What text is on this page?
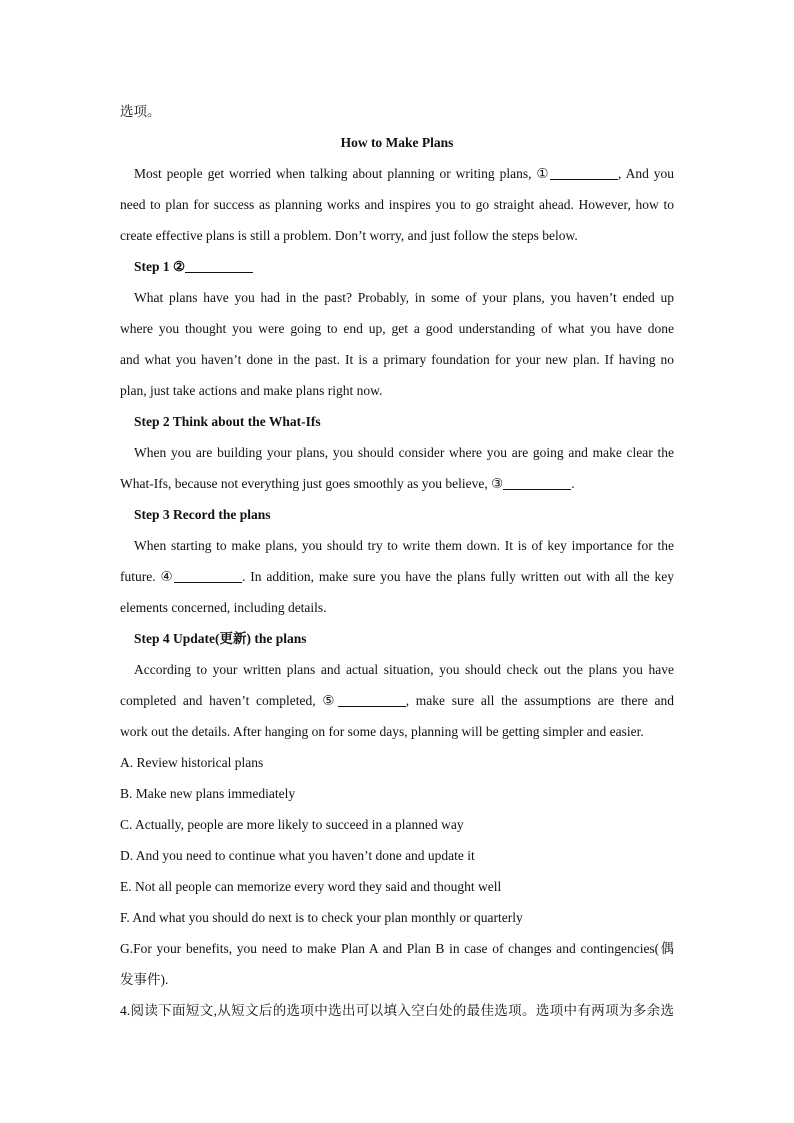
选项。

How to Make Plans

Most people get worried when talking about planning or writing plans, ①	, And you

need to plan for success as planning works and inspires you to go straight ahead. However, how to

create effective plans is still a problem. Don’t worry, and just follow the steps below.

Step 1 ②

What plans have you had in the past? Probably, in some of your plans, you haven’t ended up

where you thought you were going to end up, get a good understanding of what you have done

and what you haven’t done in the past. It is a primary foundation for your new plan. If having no

plan, just take actions and make plans right now.

Step 2 Think about the What-Ifs

When you are building your plans, you should consider where you are going and make clear the

What-Ifs, because not everything just goes smoothly as you believe, ③	.

Step 3 Record the plans

When starting to make plans, you should try to write them down. It is of key importance for the

future. ④	. In addition, make sure you have the plans fully written out with all the key

elements concerned, including details.

Step 4 Update(更新) the plans

According to your written plans and actual situation, you should check out the plans you have

completed and haven’t completed, ⑤	, make sure all the assumptions are there and

work out the details. After hanging on for some days, planning will be getting simpler and easier.

A. Review historical plans

B. Make new plans immediately

C. Actually, people are more likely to succeed in a planned way

D. And you need to continue what you haven’t done and update it

E. Not all people can memorize every word they said and thought well

F. And what you should do next is to check your plan monthly or quarterly

G.For your benefits, you need to make Plan A and Plan B in case of changes and contingencies(偶

发事件).

4.阅读下面短文,从短文后的选项中选出可以填入空白处的最佳选项。选项中有两项为多余选
